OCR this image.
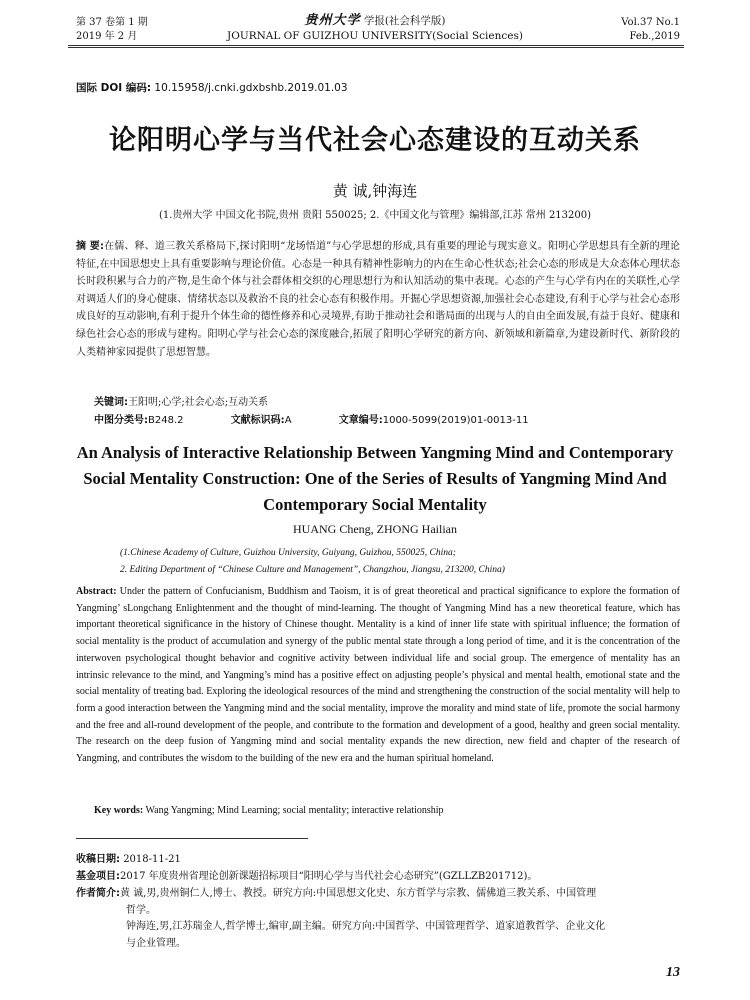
第 37 卷第 1 期
2019 年 2 月
贵州大学 学报(社会科学版)
JOURNAL OF GUIZHOU UNIVERSITY(Social Sciences)
Vol.37 No.1
Feb.,2019
国际 DOI 编码: 10.15958/j.cnki.gdxbshb.2019.01.03
论阳明心学与当代社会心态建设的互动关系
黄 诚,钟海连
(1.贵州大学 中国文化书院,贵州 贵阳 550025; 2.《中国文化与管理》编辑部,江苏 常州 213200)
摘 要:在儒、释、道三教关系格局下,探讨阳明“龙场悟道”与心学思想的形成,具有重要的理论与现实意义。阳明心学思想具有全新的理论特征,在中国思想史上具有重要影响与理论价值。心态是一种具有精神性影响力的内在生命心性状态;社会心态的形成是大众态体心理状态长时段积累与合力的产物,是生命个体与社会群体相交织的心理思想行为和认知活动的集中表现。心态的产生与心学有内在的关联性,心学对调适人们的身心健康、情绪状态以及救治不良的社会心态有积极作用。开掘心学思想资源,加强社会心态建设,有利于心学与社会心态形成良好的互动影响,有利于提升个体生命的德性修养和心灵境界,有助于推动社会和谐局面的出现与人的自由全面发展,有益于良好、健康和绿色社会心态的形成与建构。阳明心学与社会心态的深度融合,拓展了阳明心学研究的新方向、新领域和新篇章,为建设新时代、新阶段的人类精神家园提供了思想智慧。
关键词:王阳明;心学;社会心态;互动关系
中图分类号:B248.2	文献标识码:A	文章编号:1000-5099(2019)01-0013-11
An Analysis of Interactive Relationship Between Yangming Mind and Contemporary Social Mentality Construction: One of the Series of Results of Yangming Mind And Contemporary Social Mentality
HUANG Cheng, ZHONG Hailian
(1.Chinese Academy of Culture, Guizhou University, Guiyang, Guizhou, 550025, China;
2. Editing Department of “Chinese Culture and Management”, Changzhou, Jiangsu, 213200, China)
Abstract: Under the pattern of Confucianism, Buddhism and Taoism, it is of great theoretical and practical significance to explore the formation of Yangming’ sLongchang Enlightenment and the thought of mind-learning. The thought of Yangming Mind has a new theoretical feature, which has important theoretical significance in the history of Chinese thought. Mentality is a kind of inner life state with spiritual influence; the formation of social mentality is the product of accumulation and synergy of the public mental state through a long period of time, and it is the concentration of the interwoven psychological thought behavior and cognitive activity between individual life and social group. The emergence of mentality has an intrinsic relevance to the mind, and Yangming’s mind has a positive effect on adjusting people’s physical and mental health, emotional state and the social mentality of treating bad. Exploring the ideological resources of the mind and strengthening the construction of the social mentality will help to form a good interaction between the Yangming mind and the social mentality, improve the morality and mind state of life, promote the social harmony and the free and all-round development of the people, and contribute to the formation and development of a good, healthy and green social mentality. The research on the deep fusion of Yangming mind and social mentality expands the new direction, new field and chapter of the research of Yangming, and contributes the wisdom to the building of the new era and the human spiritual homeland.
Key words: Wang Yangming; Mind Learning; social mentality; interactive relationship
收稿日期: 2018-11-21
基金项目:2017 年度贵州省理论创新课题招标项目“阳明心学与当代社会心态研究”(GZLLZB201712)。
作者简介:黄 诚,男,贵州铜仁人,博士、教授。研究方向:中国思想文化史、东方哲学与宗教、儒佛道三教关系、中国管理
哲学。
钟海连,男,江苏瑞金人,哲学博士,编审,副主编。研究方向:中国哲学、中国管理哲学、道家道教哲学、企业文化
与企业管理。
13
